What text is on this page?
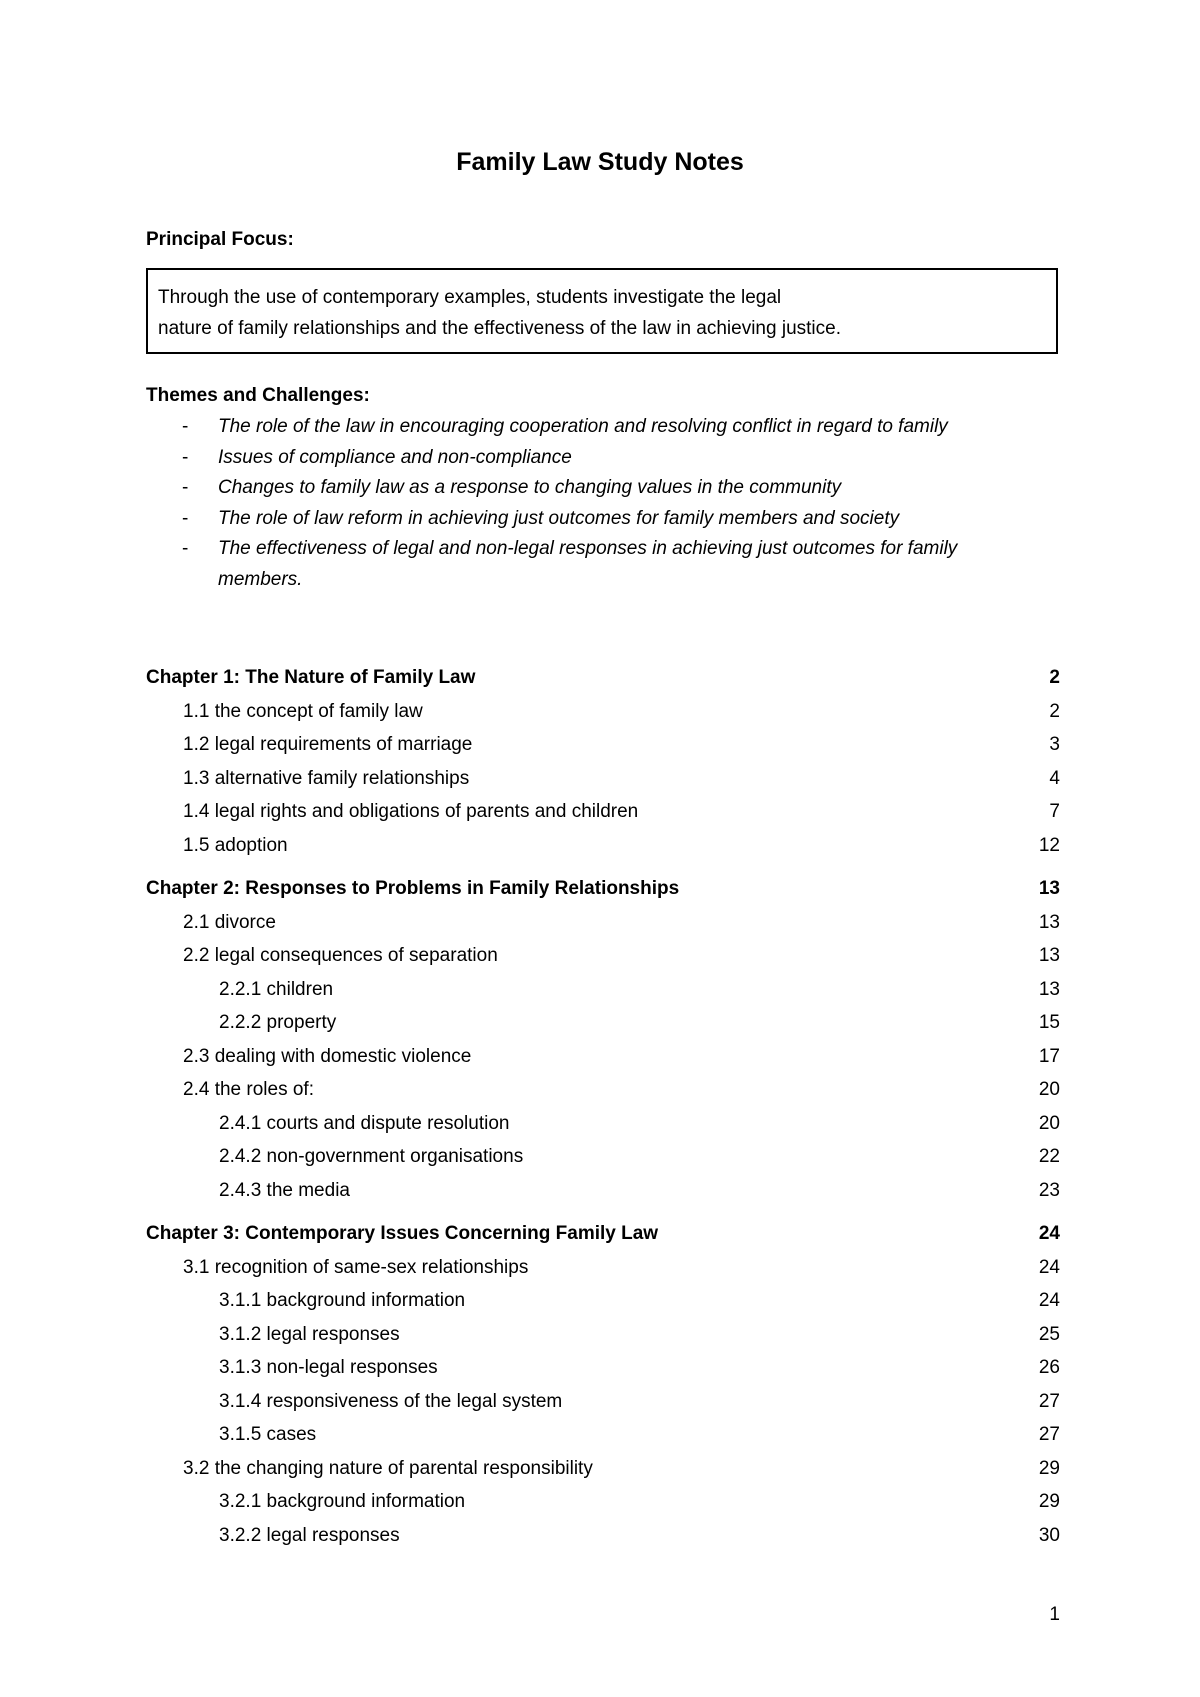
Family Law Study Notes

Principal Focus:

Through the use of contemporary examples, students investigate the legal

nature of family relationships and the effectiveness of the law in achieving justice.

Themes and Challenges:

- The role of the law in encouraging cooperation and resolving conflict in regard to family
- Issues of compliance and non-compliance
- Changes to family law as a response to changing values in the community
- The role of law reform in achieving just outcomes for family members and society
- The effectiveness of legal and non-legal responses in achieving just outcomes for family members.
Chapter 1: The Nature of Family Law	2
1.1 the concept of family law	2
1.2 legal requirements of marriage	3
1.3 alternative family relationships	4
1.4 legal rights and obligations of parents and children	7
1.5 adoption	12
Chapter 2: Responses to Problems in Family Relationships	13
2.1 divorce	13
2.2 legal consequences of separation	13
2.2.1 children	13
2.2.2 property	15
2.3 dealing with domestic violence	17
2.4 the roles of:	20
2.4.1 courts and dispute resolution	20
2.4.2 non-government organisations	22
2.4.3 the media	23
Chapter 3: Contemporary Issues Concerning Family Law	24
3.1 recognition of same-sex relationships	24
3.1.1 background information	24
3.1.2 legal responses	25
3.1.3 non-legal responses	26
3.1.4 responsiveness of the legal system	27
3.1.5 cases	27
3.2 the changing nature of parental responsibility	29
3.2.1 background information	29
3.2.2 legal responses	30
1
